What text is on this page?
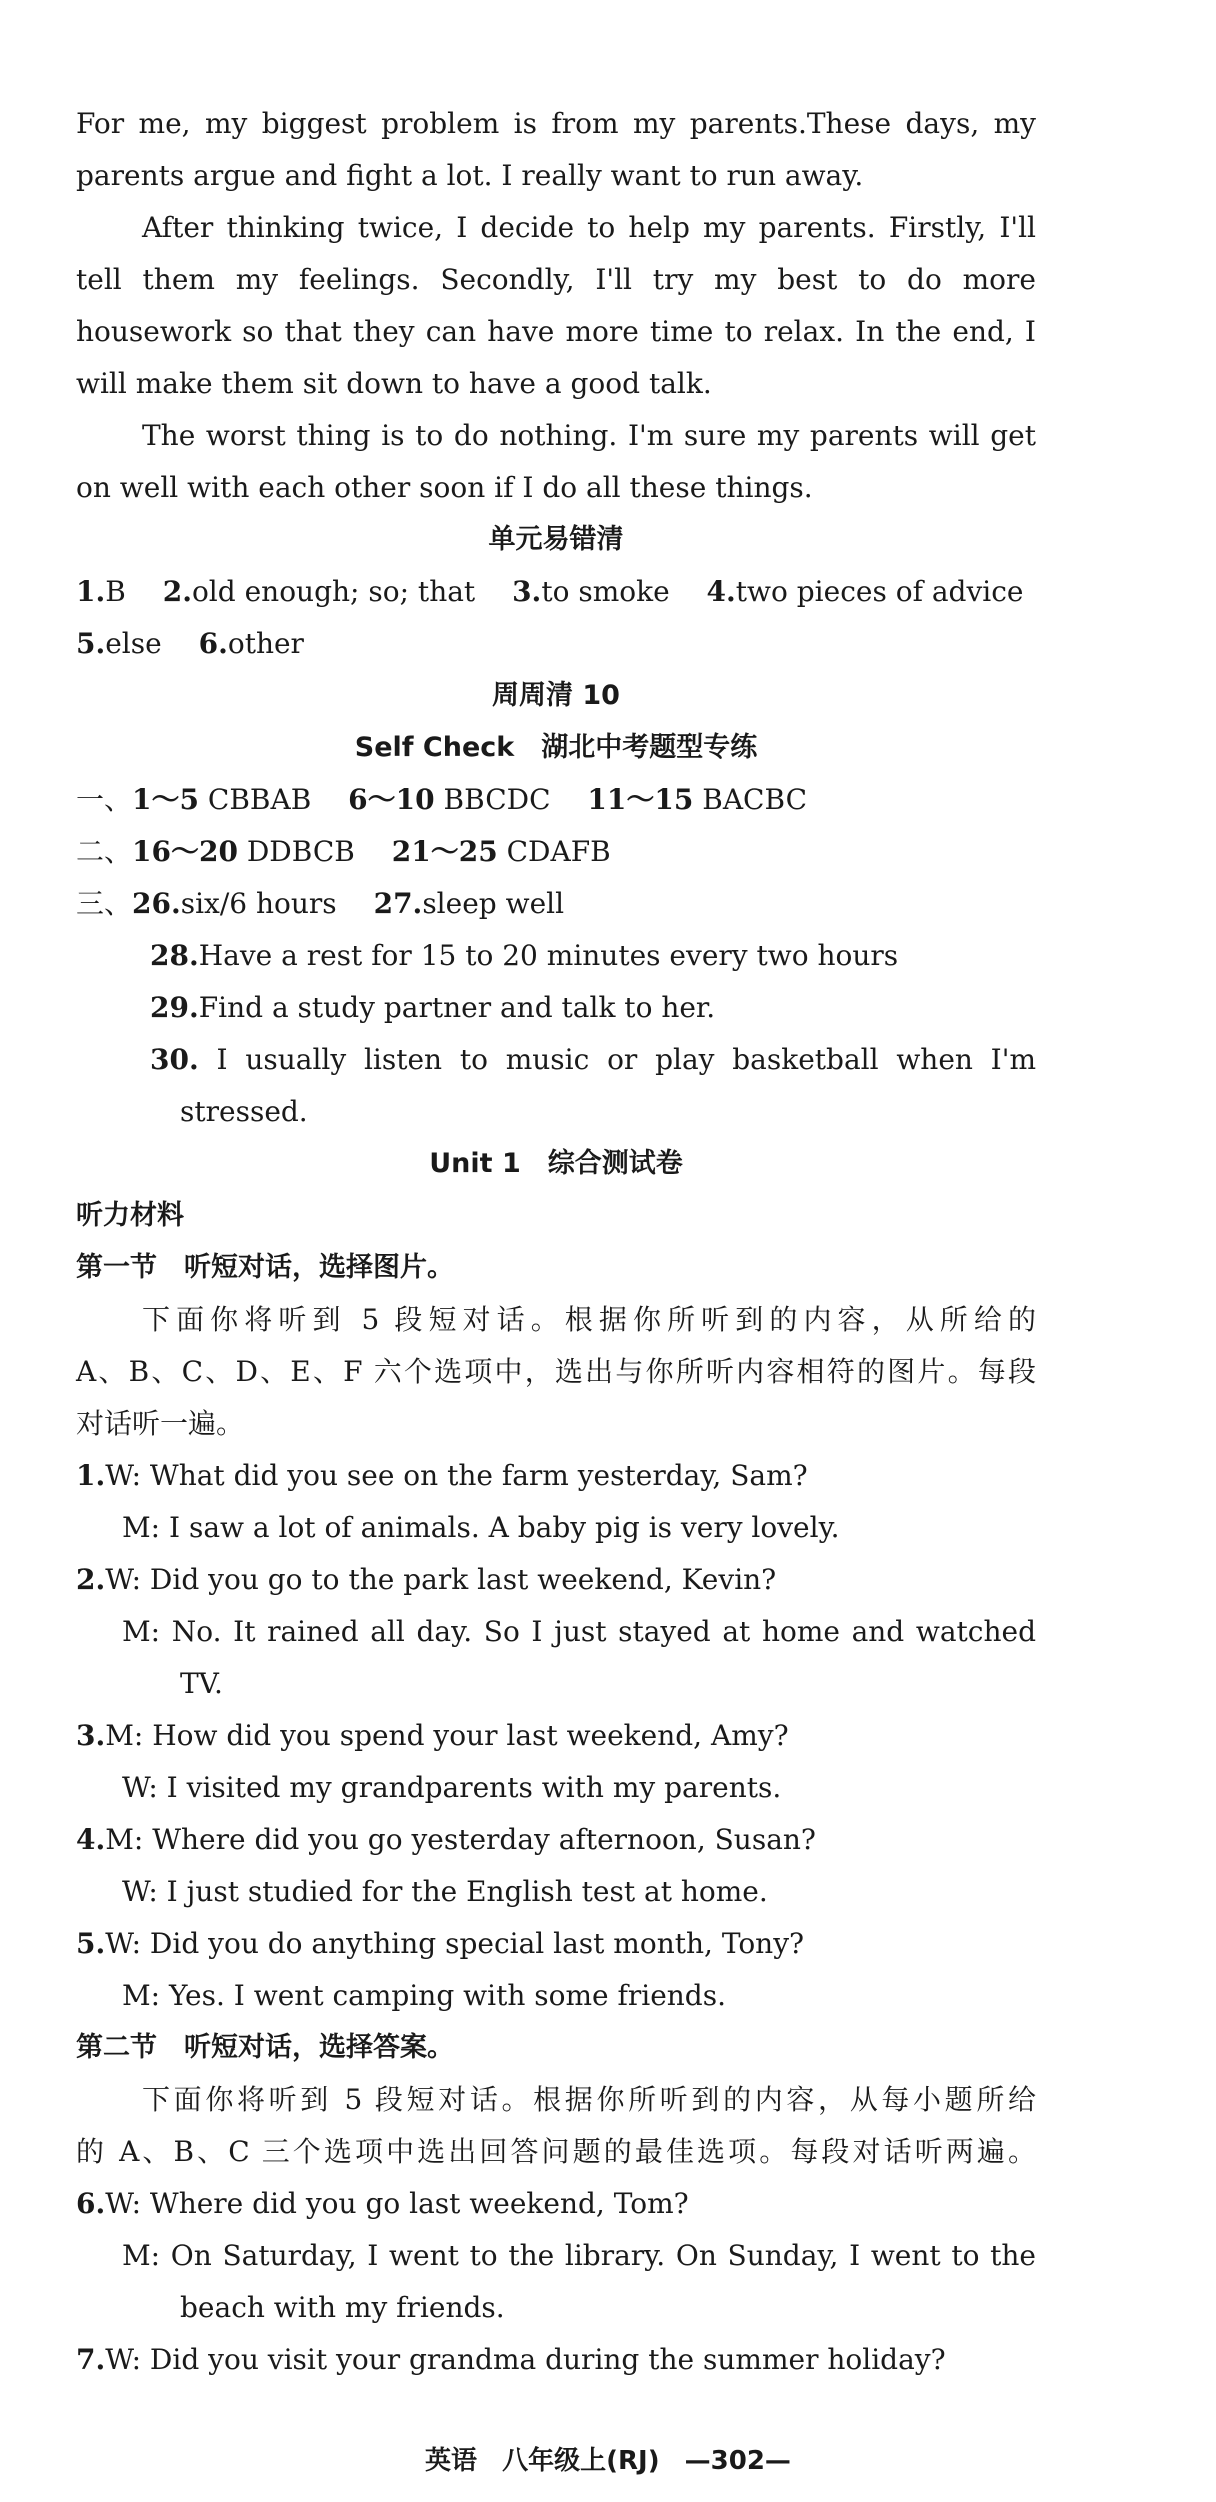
For me, my biggest problem is from my parents.These days, my
parents argue and fight a lot. I really want to run away.
After thinking twice, I decide to help my parents. Firstly, I'll
tell them my feelings. Secondly, I'll try my best to do more
housework so that they can have more time to relax. In the end, I
will make them sit down to have a good talk.
The worst thing is to do nothing. I'm sure my parents will get
on well with each other soon if I do all these things.
单元易错清
1.B 2.old enough; so; that 3.to smoke 4.two pieces of advice
5.else 6.other
周周清 10
Self Check　湖北中考题型专练
一、1～5 CBBAB 6～10 BBCDC 11～15 BACBC
二、16～20 DDBCB 21～25 CDAFB
三、26.six/6 hours 27.sleep well
28.Have a rest for 15 to 20 minutes every two hours
29.Find a study partner and talk to her.
30. I usually listen to music or play basketball when I'm
stressed.
Unit 1　综合测试卷
听力材料
第一节　听短对话，选择图片。
下面你将听到 5 段短对话。根据你所听到的内容，从所给的
A、B、C、D、E、F 六个选项中，选出与你所听内容相符的图片。每段
对话听一遍。
1.W: What did you see on the farm yesterday, Sam?
M: I saw a lot of animals. A baby pig is very lovely.
2.W: Did you go to the park last weekend, Kevin?
M: No. It rained all day. So I just stayed at home and watched
TV.
3.M: How did you spend your last weekend, Amy?
W: I visited my grandparents with my parents.
4.M: Where did you go yesterday afternoon, Susan?
W: I just studied for the English test at home.
5.W: Did you do anything special last month, Tony?
M: Yes. I went camping with some friends.
第二节　听短对话，选择答案。
下面你将听到 5 段短对话。根据你所听到的内容，从每小题所给
的 A、B、C 三个选项中选出回答问题的最佳选项。每段对话听两遍。
6.W: Where did you go last weekend, Tom?
M: On Saturday, I went to the library. On Sunday, I went to the
beach with my friends.
7.W: Did you visit your grandma during the summer holiday?
英语 八年级上(RJ) —302—
